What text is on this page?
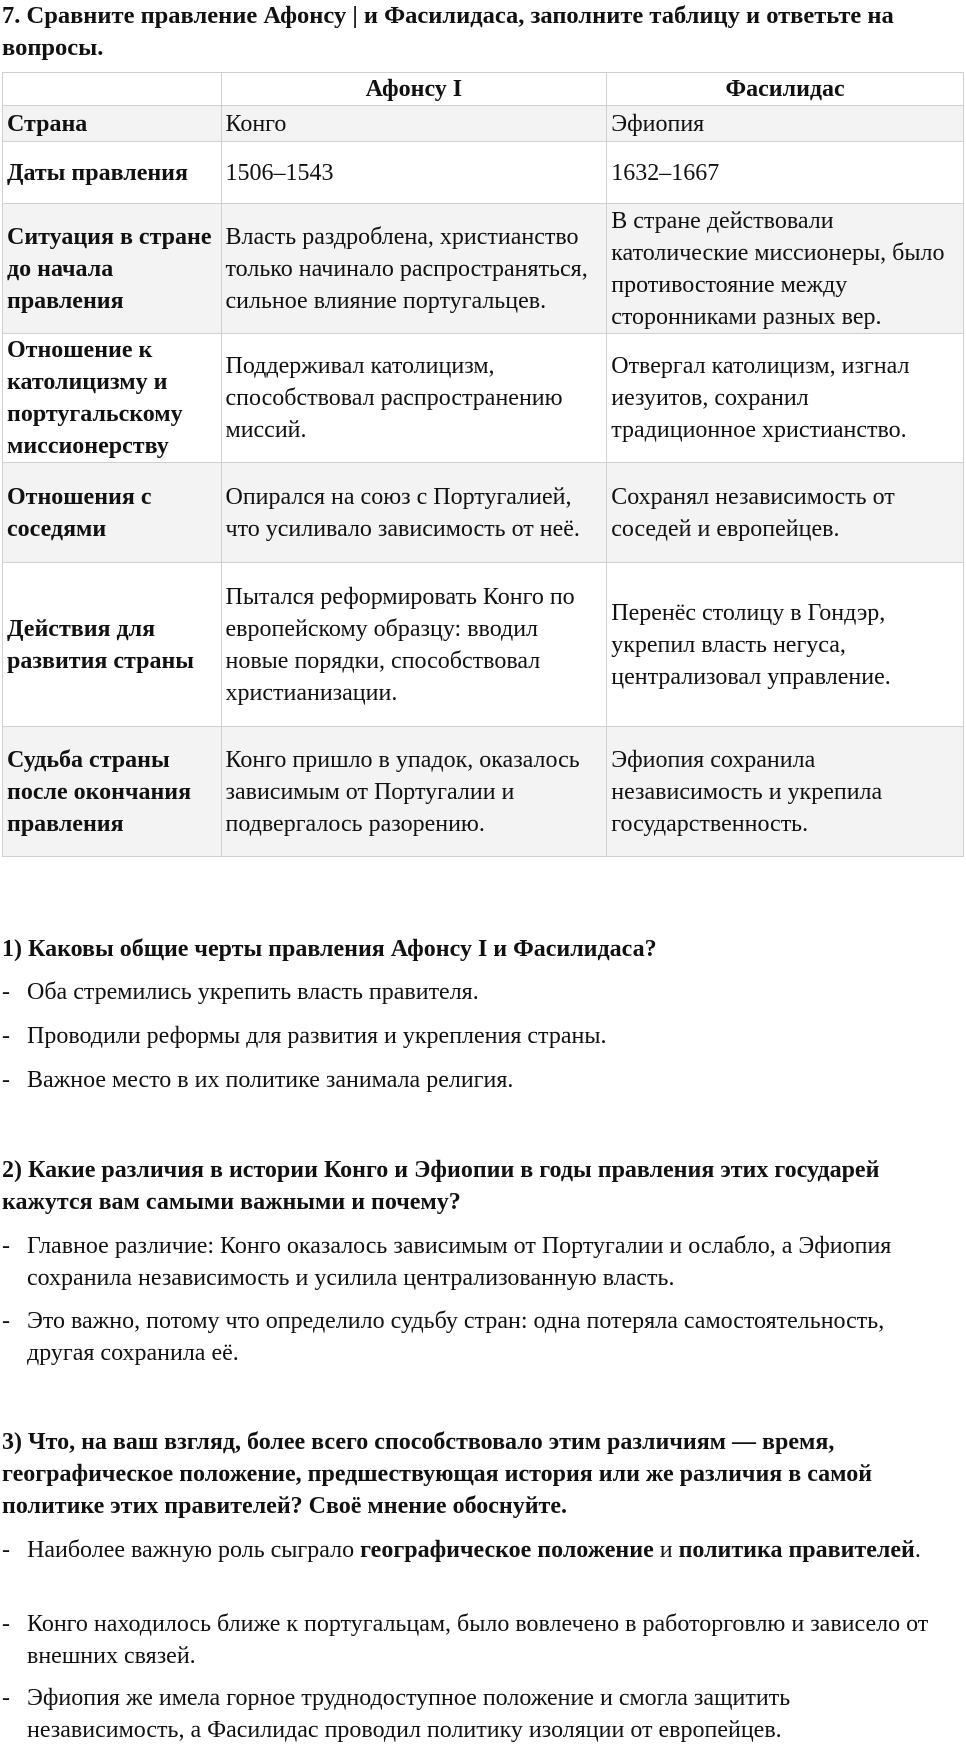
7. Сравните правление Афонсу | и Фасилидаса, заполните таблицу и ответьте на вопросы.
	Афонсу I	Фасилидас
Страна	Конго	Эфиопия
Даты правления	1506–1543	1632–1667
Ситуация в стране до начала правления	Власть раздроблена, христианство только начинало распространяться, сильное влияние португальцев.	В стране действовали католические миссионеры, было противостояние между сторонниками разных вер.
Отношение к католицизму и португальскому миссионерству	Поддерживал католицизм, способствовал распространению миссий.	Отвергал католицизм, изгнал иезуитов, сохранил традиционное христианство.
Отношения с соседями	Опирался на союз с Португалией, что усиливало зависимость от неё.	Сохранял независимость от соседей и европейцев.
Действия для развития страны	Пытался реформировать Конго по европейскому образцу: вводил новые порядки, способствовал христианизации.	Перенёс столицу в Гондэр, укрепил власть негуса, централизовал управление.
Судьба страны после окончания правления	Конго пришло в упадок, оказалось зависимым от Португалии и подвергалось разорению.	Эфиопия сохранила независимость и укрепила государственность.
1) Каковы общие черты правления Афонсу I и Фасилидаса?
- Оба стремились укрепить власть правителя.
- Проводили реформы для развития и укрепления страны.
- Важное место в их политике занимала религия.
2) Какие различия в истории Конго и Эфиопии в годы правления этих государей кажутся вам самыми важными и почему?
- Главное различие: Конго оказалось зависимым от Португалии и ослабло, а Эфиопия сохранила независимость и усилила централизованную власть.
- Это важно, потому что определило судьбу стран: одна потеряла самостоятельность, другая сохранила её.
3) Что, на ваш взгляд, более всего способствовало этим различиям — время, географическое положение, предшествующая история или же различия в самой политике этих правителей? Своё мнение обоснуйте.
- Наиболее важную роль сыграло географическое положение и политика правителей.
- Конго находилось ближе к португальцам, было вовлечено в работорговлю и зависело от внешних связей.
- Эфиопия же имела горное труднодоступное положение и смогла защитить независимость, а Фасилидас проводил политику изоляции от европейцев.
